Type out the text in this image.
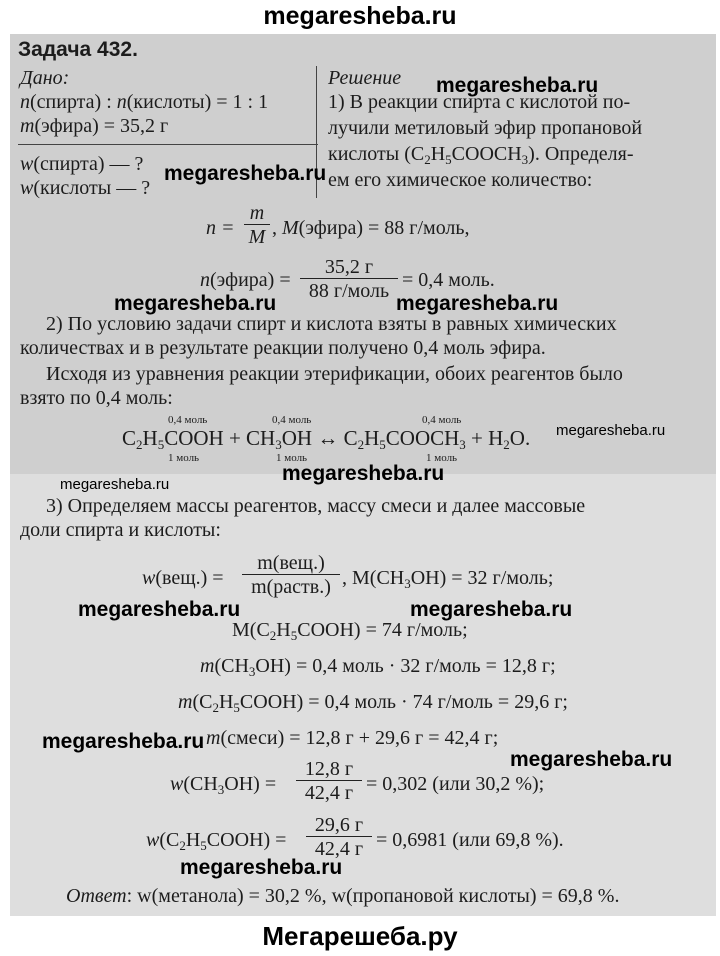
megaresheba.ru
Задача 432.
Дано:
n(спирта) : n(кислоты) = 1 : 1
m(эфира) = 35,2 г
w(спирта) — ?
w(кислоты — ?
Решение
1) В реакции спирта с кислотой по-
лучили метиловый эфир пропановой
кислоты $(C_2H_5COOCH_3)$. Определя-
ем его химическое количество:
$n = \frac{m}{M}$ , M(эфира) = 88 г/моль,
n(эфира) =
35,2 г
88 г/моль = 0,4 моль.
2) По условию задачи спирт и кислота взяты в равных химических
количествах и в результате реакции получено 0,4 моль эфира.
Исходя из уравнения реакции этерификации, обоих реагентов было
взято по 0,4 моль:
0,4 моль	0,4 моль	0,4 моль
$C_2H_5COOH + CH_3OH$ ↔ $C_2H_5COOCH_3 + H_2O$.
1 моль	1 моль	1 моль
3) Определяем массы реагентов, массу смеси и далее массовые
доли спирта и кислоты:
w(вещ.) =
m(вещ.)
m(раств.) , $M(CH_3OH) = 32$ г/моль;
$M(C_2H_5COOH) = 74$ г/моль;
$m(CH_3OH) = 0,4$ моль · 32 г/моль = 12,8 г;
$m(C_2H_5COOH) = 0,4$ моль · 74 г/моль = 29,6 г;
m(смеси) = 12,8 г + 29,6 г = 42,4 г;
$w(CH_3OH)$ =
12,8 г
42,4 г = 0,302 (или 30,2 %);
$w(C_2H_5COOH)$ =
29,6 г
42,4 г = 0,6981 (или 69,8 %).
Ответ: w(метанола) = 30,2 %, w(пропановой кислоты) = 69,8 %.
megaresheba.ru
megaresheba.ru
megaresheba.ru	megaresheba.ru
megaresheba.ru
megaresheba.ru	megaresheba.ru
megaresheba.ru	megaresheba.ru
megaresheba.ru
megaresheba.ru
megaresheba.ru
Мегарешеба.ру
